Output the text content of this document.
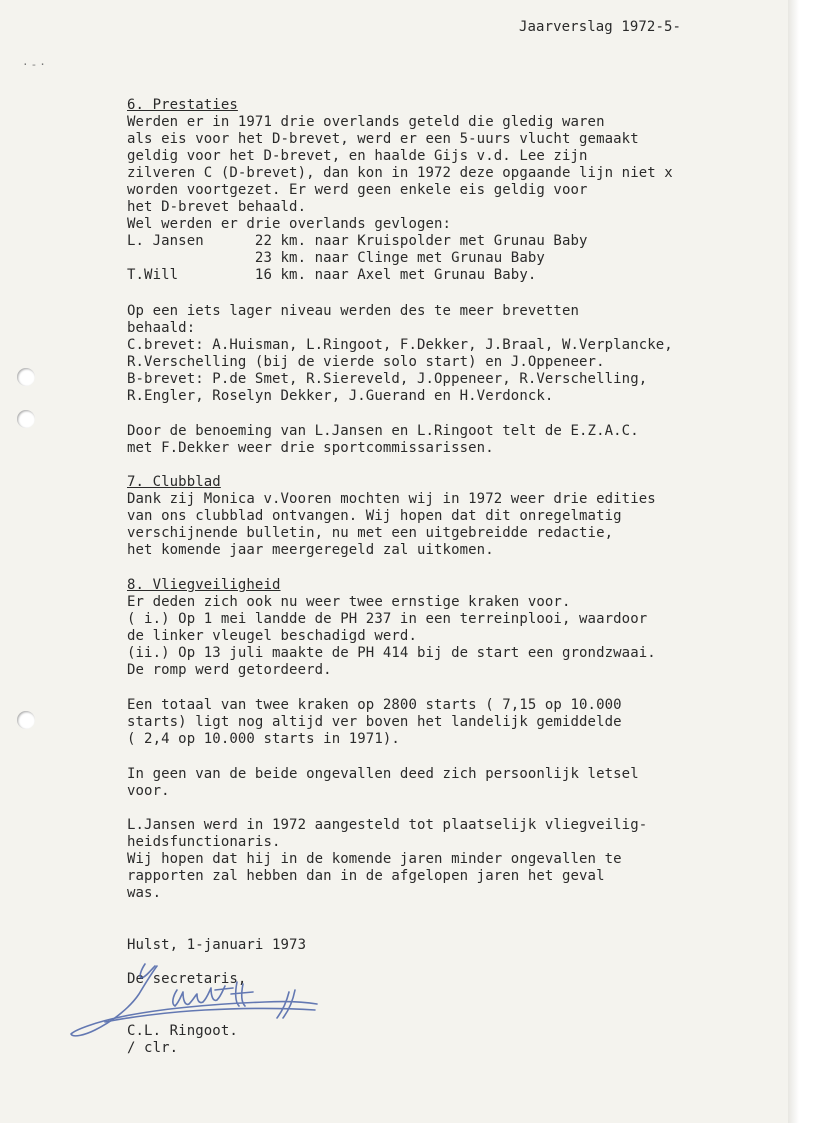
·-·
Jaarverslag 1972-5-
6. Prestaties
Werden er in 1971 drie overlands geteld die gledig waren
als eis voor het D-brevet, werd er een 5-uurs vlucht gemaakt
geldig voor het D-brevet, en haalde Gijs v.d. Lee zijn
zilveren C (D-brevet), dan kon in 1972 deze opgaande lijn niet x
worden voortgezet. Er werd geen enkele eis geldig voor
het D-brevet behaald.
Wel werden er drie overlands gevlogen:
L. Jansen      22 km. naar Kruispolder met Grunau Baby
23 km. naar Clinge met Grunau Baby
T.Will         16 km. naar Axel met Grunau Baby.
Op een iets lager niveau werden des te meer brevetten
behaald:
C.brevet: A.Huisman, L.Ringoot, F.Dekker, J.Braal, W.Verplancke,
R.Verschelling (bij de vierde solo start) en J.Oppeneer.
B-brevet: P.de Smet, R.Siereveld, J.Oppeneer, R.Verschelling,
R.Engler, Roselyn Dekker, J.Guerand en H.Verdonck.
Door de benoeming van L.Jansen en L.Ringoot telt de E.Z.A.C.
met F.Dekker weer drie sportcommissarissen.
7. Clubblad
Dank zij Monica v.Vooren mochten wij in 1972 weer drie edities
van ons clubblad ontvangen. Wij hopen dat dit onregelmatig
verschijnende bulletin, nu met een uitgebreidde redactie,
het komende jaar meergeregeld zal uitkomen.
8. Vliegveiligheid
Er deden zich ook nu weer twee ernstige kraken voor.
( i.) Op 1 mei landde de PH 237 in een terreinplooi, waardoor
de linker vleugel beschadigd werd.
(ii.) Op 13 juli maakte de PH 414 bij de start een grondzwaai.
De romp werd getordeerd.
Een totaal van twee kraken op 2800 starts ( 7,15 op 10.000
starts) ligt nog altijd ver boven het landelijk gemiddelde
( 2,4 op 10.000 starts in 1971).
In geen van de beide ongevallen deed zich persoonlijk letsel
voor.
L.Jansen werd in 1972 aangesteld tot plaatselijk vliegveilig-
heidsfunctionaris.
Wij hopen dat hij in de komende jaren minder ongevallen te
rapporten zal hebben dan in de afgelopen jaren het geval
was.
Hulst, 1-januari 1973
De secretaris,
C.L. Ringoot.
/ clr.
